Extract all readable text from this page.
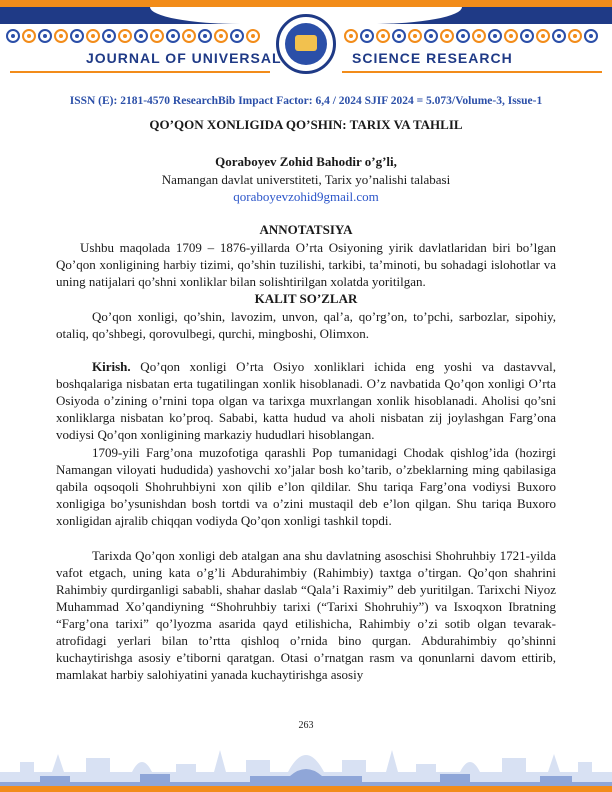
JOURNAL OF UNIVERSAL	SCIENCE RESEARCH
ISSN (E): 2181-4570 ResearchBib Impact Factor: 6,4 / 2024 SJIF 2024 = 5.073/Volume-3, Issue-1
QO’QON XONLIGIDA QO’SHIN: TARIX VA TAHLIL
Qoraboyev Zohid Bahodir o’g’li,
Namangan davlat universtiteti, Tarix yo’nalishi talabasi
qoraboyevzohid9gmail.com
ANNOTATSIYA
Ushbu maqolada 1709 – 1876-yillarda O’rta Osiyoning yirik davlatlaridan biri bo’lgan Qo’qon xonligining harbiy tizimi, qo’shin tuzilishi, tarkibi, ta’minoti, bu sohadagi islohotlar va uning natijalari qo’shni xonliklar bilan solishtirilgan xolatda yoritilgan.
KALIT SO’ZLAR
Qo’qon xonligi, qo’shin, lavozim, unvon, qal’a, qo’rg’on, to’pchi, sarbozlar, sipohiy, otaliq, qo’shbegi, qorovulbegi, qurchi, mingboshi, Olimxon.
Kirish. Qo’qon xonligi O’rta Osiyo xonliklari ichida eng yoshi va dastavval, boshqalariga nisbatan erta tugatilingan xonlik hisoblanadi. O’z navbatida Qo’qon xonligi O’rta Osiyoda o’zining o’rnini topa olgan va tarixga muxrlangan xonlik hisoblanadi. Aholisi qo’sni xonliklarga nisbatan ko’proq. Sababi, katta hudud va aholi nisbatan zij joylashgan Farg’ona vodiysi Qo’qon xonligining markaziy hududlari hisoblangan.
1709-yili Farg’ona muzofotiga qarashli Pop tumanidagi Chodak qishlog’ida (hozirgi Namangan viloyati hududida) yashovchi xo’jalar bosh ko’tarib, o’zbeklarning ming qabilasiga qabila oqsoqoli Shohruhbiyni xon qilib e’lon qildilar. Shu tariqa Farg’ona vodiysi Buxoro xonligiga bo’ysunishdan bosh tortdi va o’zini mustaqil deb e’lon qilgan. Shu tariqa Buxoro xonligidan ajralib chiqqan vodiyda Qo’qon xonligi tashkil topdi.
Tarixda Qo’qon xonligi deb atalgan ana shu davlatning asoschisi Shohruhbiy 1721-yilda vafot etgach, uning kata o’g’li Abdurahimbiy (Rahimbiy) taxtga o’tirgan. Qo’qon shahrini Rahimbiy qurdirganligi sababli, shahar daslab “Qala’i Raximiy” deb yuritilgan. Tarixchi Niyoz Muhammad Xo’qandiyning “Shohruhbiy tarixi (“Tarixi Shohruhiy”) va Isxoqxon Ibratning “Farg’ona tarixi” qo’lyozma asarida qayd etilishicha, Rahimbiy o’zi sotib olgan tevarak-atrofidagi yerlari bilan to’rtta qishloq o’rnida bino qurgan. Abdurahimbiy qo’shinni kuchaytirishga asosiy e’tiborni qaratgan. Otasi o’rnatgan rasm va qonunlarni davom ettirib, mamlakat harbiy salohiyatini yanada kuchaytirishga asosiy
263
